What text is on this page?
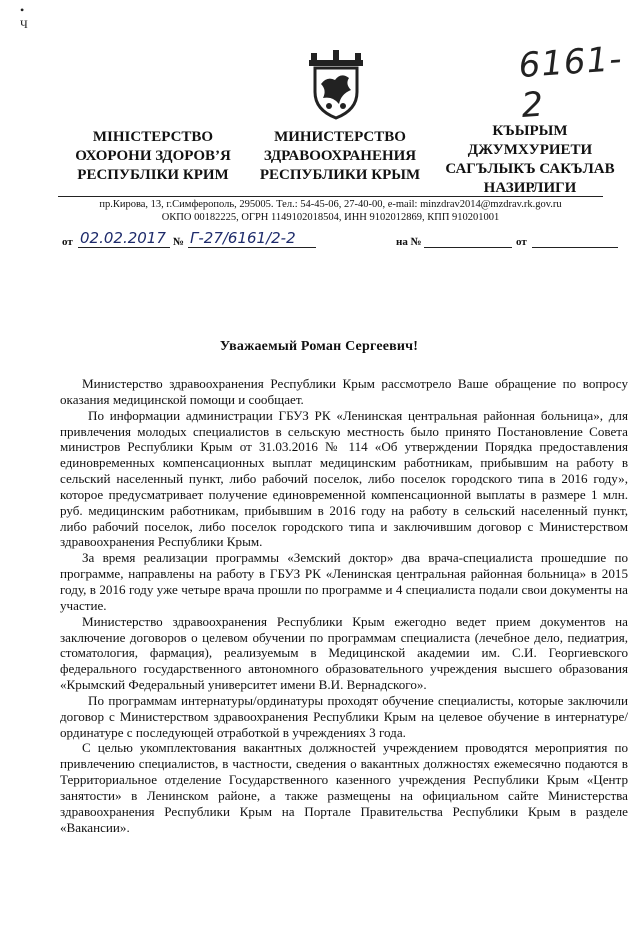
•
Ч
6161-2
МІНІСТЕРСТВО
ОХОРОНИ ЗДОРОВ’Я
РЕСПУБЛІКИ КРИМ
МИНИСТЕРСТВО
ЗДРАВООХРАНЕНИЯ
РЕСПУБЛИКИ КРЫМ
КЪЫРЫМ
ДЖУМХУРИЕТИ
САГЪЛЫКЪ САКЪЛАВ
НАЗИРЛИГИ
пр.Кирова, 13, г.Симферополь, 295005. Тел.: 54-45-06, 27-40-00, e-mail: minzdrav2014@mzdrav.rk.gov.ru
ОКПО 00182225, ОГРН 1149102018504, ИНН 9102012869, КПП 910201001
от 02.02.2017 № Г-27/6161/2-2	на №	от
Уважаемый Роман Сергеевич!

Министерство здравоохранения Республики Крым рассмотрело Ваше обращение по вопросу оказания медицинской помощи и сообщает.

По информации администрации ГБУЗ РК «Ленинская центральная районная больница», для привлечения молодых специалистов в сельскую местность было принято Постановление Совета министров Республики Крым от 31.03.2016 № 114 «Об утверждении Порядка предоставления единовременных компенсационных выплат медицинским работникам, прибывшим на работу в сельский населенный пункт, либо рабочий поселок, либо поселок городского типа в 2016 году», которое предусматривает получение единовременной компенсационной выплаты в размере 1 млн. руб. медицинским работникам, прибывшим в 2016 году на работу в сельский населенный пункт, либо рабочий поселок, либо поселок городского типа и заключившим договор с Министерством здравоохранения Республики Крым.

За время реализации программы «Земский доктор» два врача-специалиста прошедшие по программе, направлены на работу в ГБУЗ РК «Ленинская центральная районная больница» в 2015 году, в 2016 году уже четыре врача прошли по программе и 4 специалиста подали свои документы на участие.

Министерство здравоохранения Республики Крым ежегодно ведет прием документов на заключение договоров о целевом обучении по программам специалиста (лечебное дело, педиатрия, стоматология, фармация), реализуемым в Медицинской академии им. С.И. Георгиевского федерального государственного автономного образовательного учреждения высшего образования «Крымский Федеральный университет имени В.И. Вернадского».

По программам интернатуры/ординатуры проходят обучение специалисты, которые заключили договор с Министерством здравоохранения Республики Крым на целевое обучение в интернатуре/ординатуре с последующей отработкой в учреждениях 3 года.

С целью укомплектования вакантных должностей учреждением проводятся мероприятия по привлечению специалистов, в частности, сведения о вакантных должностях ежемесячно подаются в Территориальное отделение Государственного казенного учреждения Республики Крым «Центр занятости» в Ленинском районе, а также размещены на официальном сайте Министерства здравоохранения Республики Крым на Портале Правительства Республики Крым в разделе «Вакансии».
